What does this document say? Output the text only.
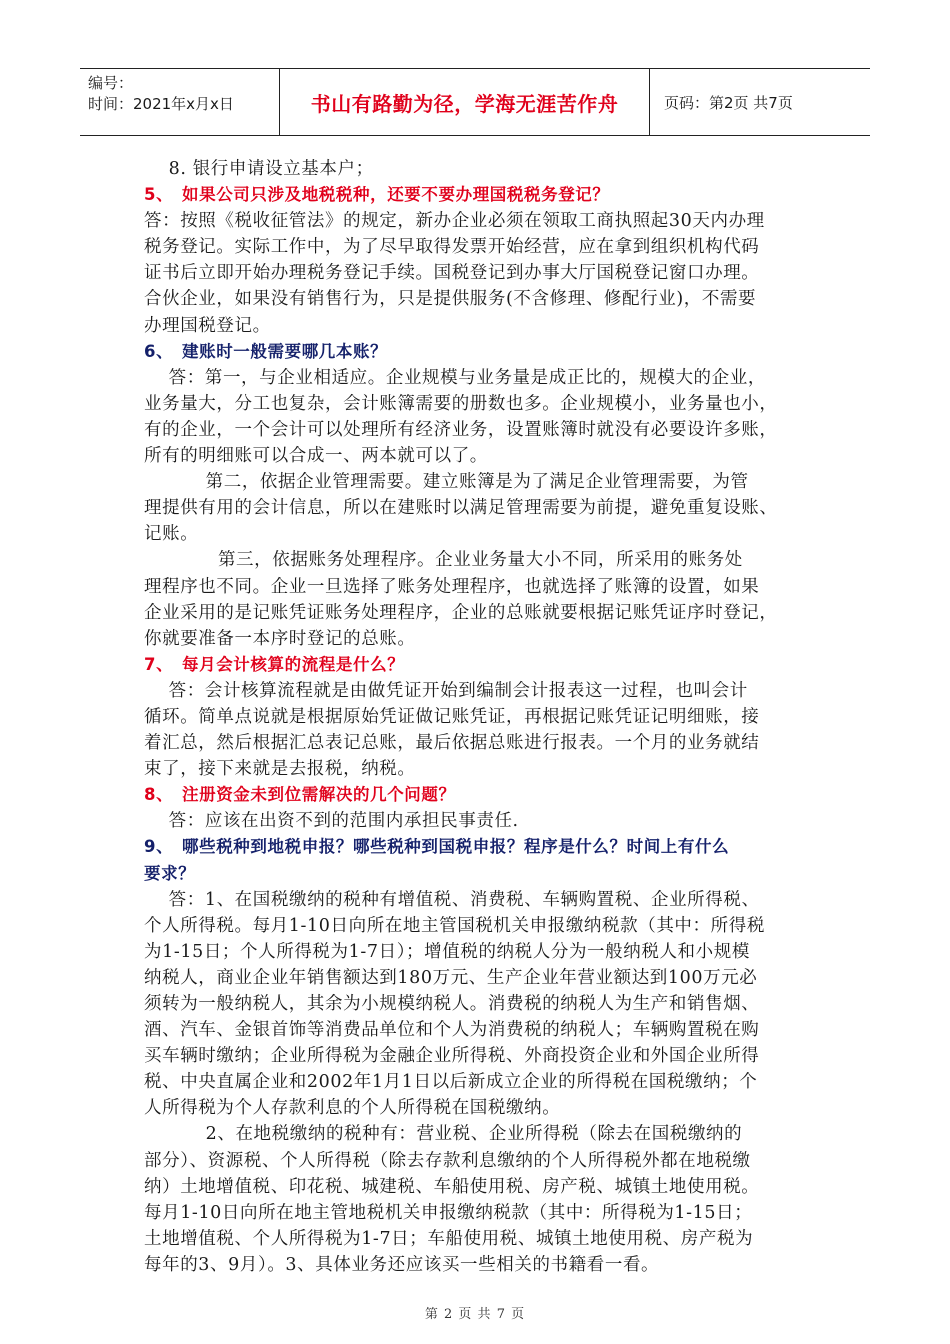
编号：
时间：2021年x月x日	书山有路勤为径，学海无涯苦作舟	页码：第2页 共7页
8. 银行申请设立基本户；
5、 如果公司只涉及地税税种，还要不要办理国税税务登记？
答：按照《税收征管法》的规定，新办企业必须在领取工商执照起30天内办理
税务登记。实际工作中，为了尽早取得发票开始经营，应在拿到组织机构代码
证书后立即开始办理税务登记手续。国税登记到办事大厅国税登记窗口办理。
合伙企业，如果没有销售行为，只是提供服务(不含修理、修配行业)，不需要
办理国税登记。
6、 建账时一般需要哪几本账？
答：第一，与企业相适应。企业规模与业务量是成正比的，规模大的企业，
业务量大，分工也复杂，会计账簿需要的册数也多。企业规模小，业务量也小，
有的企业，一个会计可以处理所有经济业务，设置账簿时就没有必要设许多账，
所有的明细账可以合成一、两本就可以了。
第二，依据企业管理需要。建立账簿是为了满足企业管理需要，为管
理提供有用的会计信息，所以在建账时以满足管理需要为前提，避免重复设账、
记账。
第三，依据账务处理程序。企业业务量大小不同，所采用的账务处
理程序也不同。企业一旦选择了账务处理程序，也就选择了账簿的设置，如果
企业采用的是记账凭证账务处理程序，企业的总账就要根据记账凭证序时登记，
你就要准备一本序时登记的总账。
7、 每月会计核算的流程是什么？
答：会计核算流程就是由做凭证开始到编制会计报表这一过程，也叫会计
循环。简单点说就是根据原始凭证做记账凭证，再根据记账凭证记明细账，接
着汇总，然后根据汇总表记总账，最后依据总账进行报表。一个月的业务就结
束了，接下来就是去报税，纳税。
8、 注册资金未到位需解决的几个问题？
答：应该在出资不到的范围内承担民事责任.
9、 哪些税种到地税申报？哪些税种到国税申报？程序是什么？时间上有什么
要求？
答：1、在国税缴纳的税种有增值税、消费税、车辆购置税、企业所得税、
个人所得税。每月1-10日向所在地主管国税机关申报缴纳税款（其中：所得税
为1-15日；个人所得税为1-7日）；增值税的纳税人分为一般纳税人和小规模
纳税人，商业企业年销售额达到180万元、生产企业年营业额达到100万元必
须转为一般纳税人，其余为小规模纳税人。消费税的纳税人为生产和销售烟、
酒、汽车、金银首饰等消费品单位和个人为消费税的纳税人；车辆购置税在购
买车辆时缴纳；企业所得税为金融企业所得税、外商投资企业和外国企业所得
税、中央直属企业和2002年1月1日以后新成立企业的所得税在国税缴纳；个
人所得税为个人存款利息的个人所得税在国税缴纳。
2、在地税缴纳的税种有：营业税、企业所得税（除去在国税缴纳的
部分）、资源税、个人所得税（除去存款利息缴纳的个人所得税外都在地税缴
纳）土地增值税、印花税、城建税、车船使用税、房产税、城镇土地使用税。
每月1-10日向所在地主管地税机关申报缴纳税款（其中：所得税为1-15日；
土地增值税、个人所得税为1-7日；车船使用税、城镇土地使用税、房产税为
每年的3、9月）。3、具体业务还应该买一些相关的书籍看一看。
第 2 页 共 7 页
